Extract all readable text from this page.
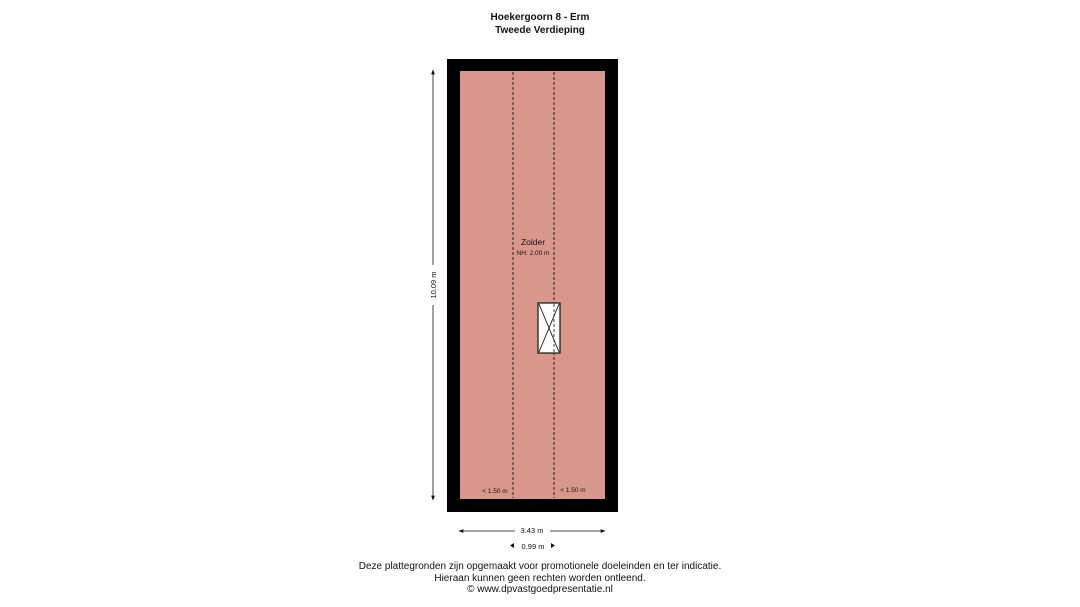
Hoekergoorn 8 - Erm
Tweede Verdieping
Zolder
NH: 2.00 m
< 1.50 m	< 1.50 m
10.09 m
3.43 m
0.99 m
Deze plattegronden zijn opgemaakt voor promotionele doeleinden en ter indicatie.
Hieraan kunnen geen rechten worden ontleend.
© www.dpvastgoedpresentatie.nl
